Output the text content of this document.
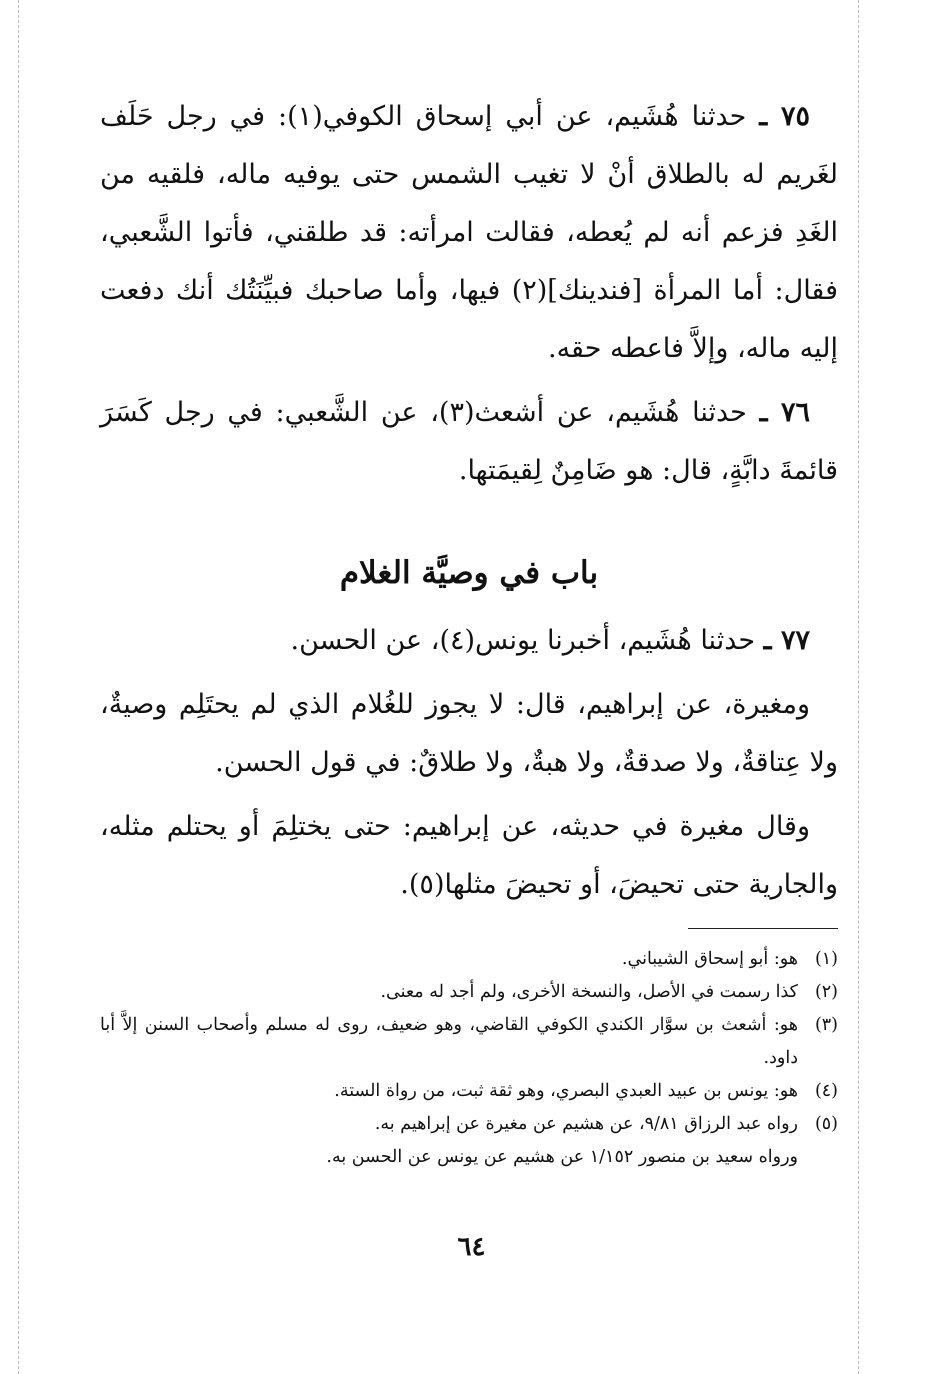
٧٥ ـ حدثنا هُشَيم، عن أبي إسحاق الكوفي(١): في رجل حَلَف لغَريم له بالطلاق أنْ لا تغيب الشمس حتى يوفيه ماله، فلقيه من الغَدِ فزعم أنه لم يُعطه، فقالت امرأته: قد طلقني، فأتوا الشَّعبي، فقال: أما المرأة [فندينك](٢) فيها، وأما صاحبك فبيِّنَتُك أنك دفعت إليه ماله، وإلاَّ فاعطه حقه.

٧٦ ـ حدثنا هُشَيم، عن أشعث(٣)، عن الشَّعبي: في رجل كَسَرَ قائمةَ دابَّةٍ، قال: هو ضَامِنٌ لِقيمَتها.

باب في وصيَّة الغلام

٧٧ ـ حدثنا هُشَيم، أخبرنا يونس(٤)، عن الحسن.

ومغيرة، عن إبراهيم، قال: لا يجوز للغُلام الذي لم يحتَلِم وصيةٌ، ولا عِتاقةٌ، ولا صدقةٌ، ولا هبةٌ، ولا طلاقٌ: في قول الحسن.

وقال مغيرة في حديثه، عن إبراهيم: حتى يختلِمَ أو يحتلم مثله، والجارية حتى تحيضَ، أو تحيضَ مثلها(٥).

(١)
هو: أبو إسحاق الشيباني.

(٢)
كذا رسمت في الأصل، والنسخة الأخرى، ولم أجد له معنى.

(٣)
هو: أشعث بن سوَّار الكندي الكوفي القاضي، وهو ضعيف، روى له مسلم وأصحاب السنن إلاَّ أبا داود.

(٤)
هو: يونس بن عبيد العبدي البصري، وهو ثقة ثبت، من رواة الستة.

(٥)
رواه عبد الرزاق ٩/٨١، عن هشيم عن مغيرة عن إبراهيم به.

ورواه سعيد بن منصور ١/١٥٢ عن هشيم عن يونس عن الحسن به.
٦٤
